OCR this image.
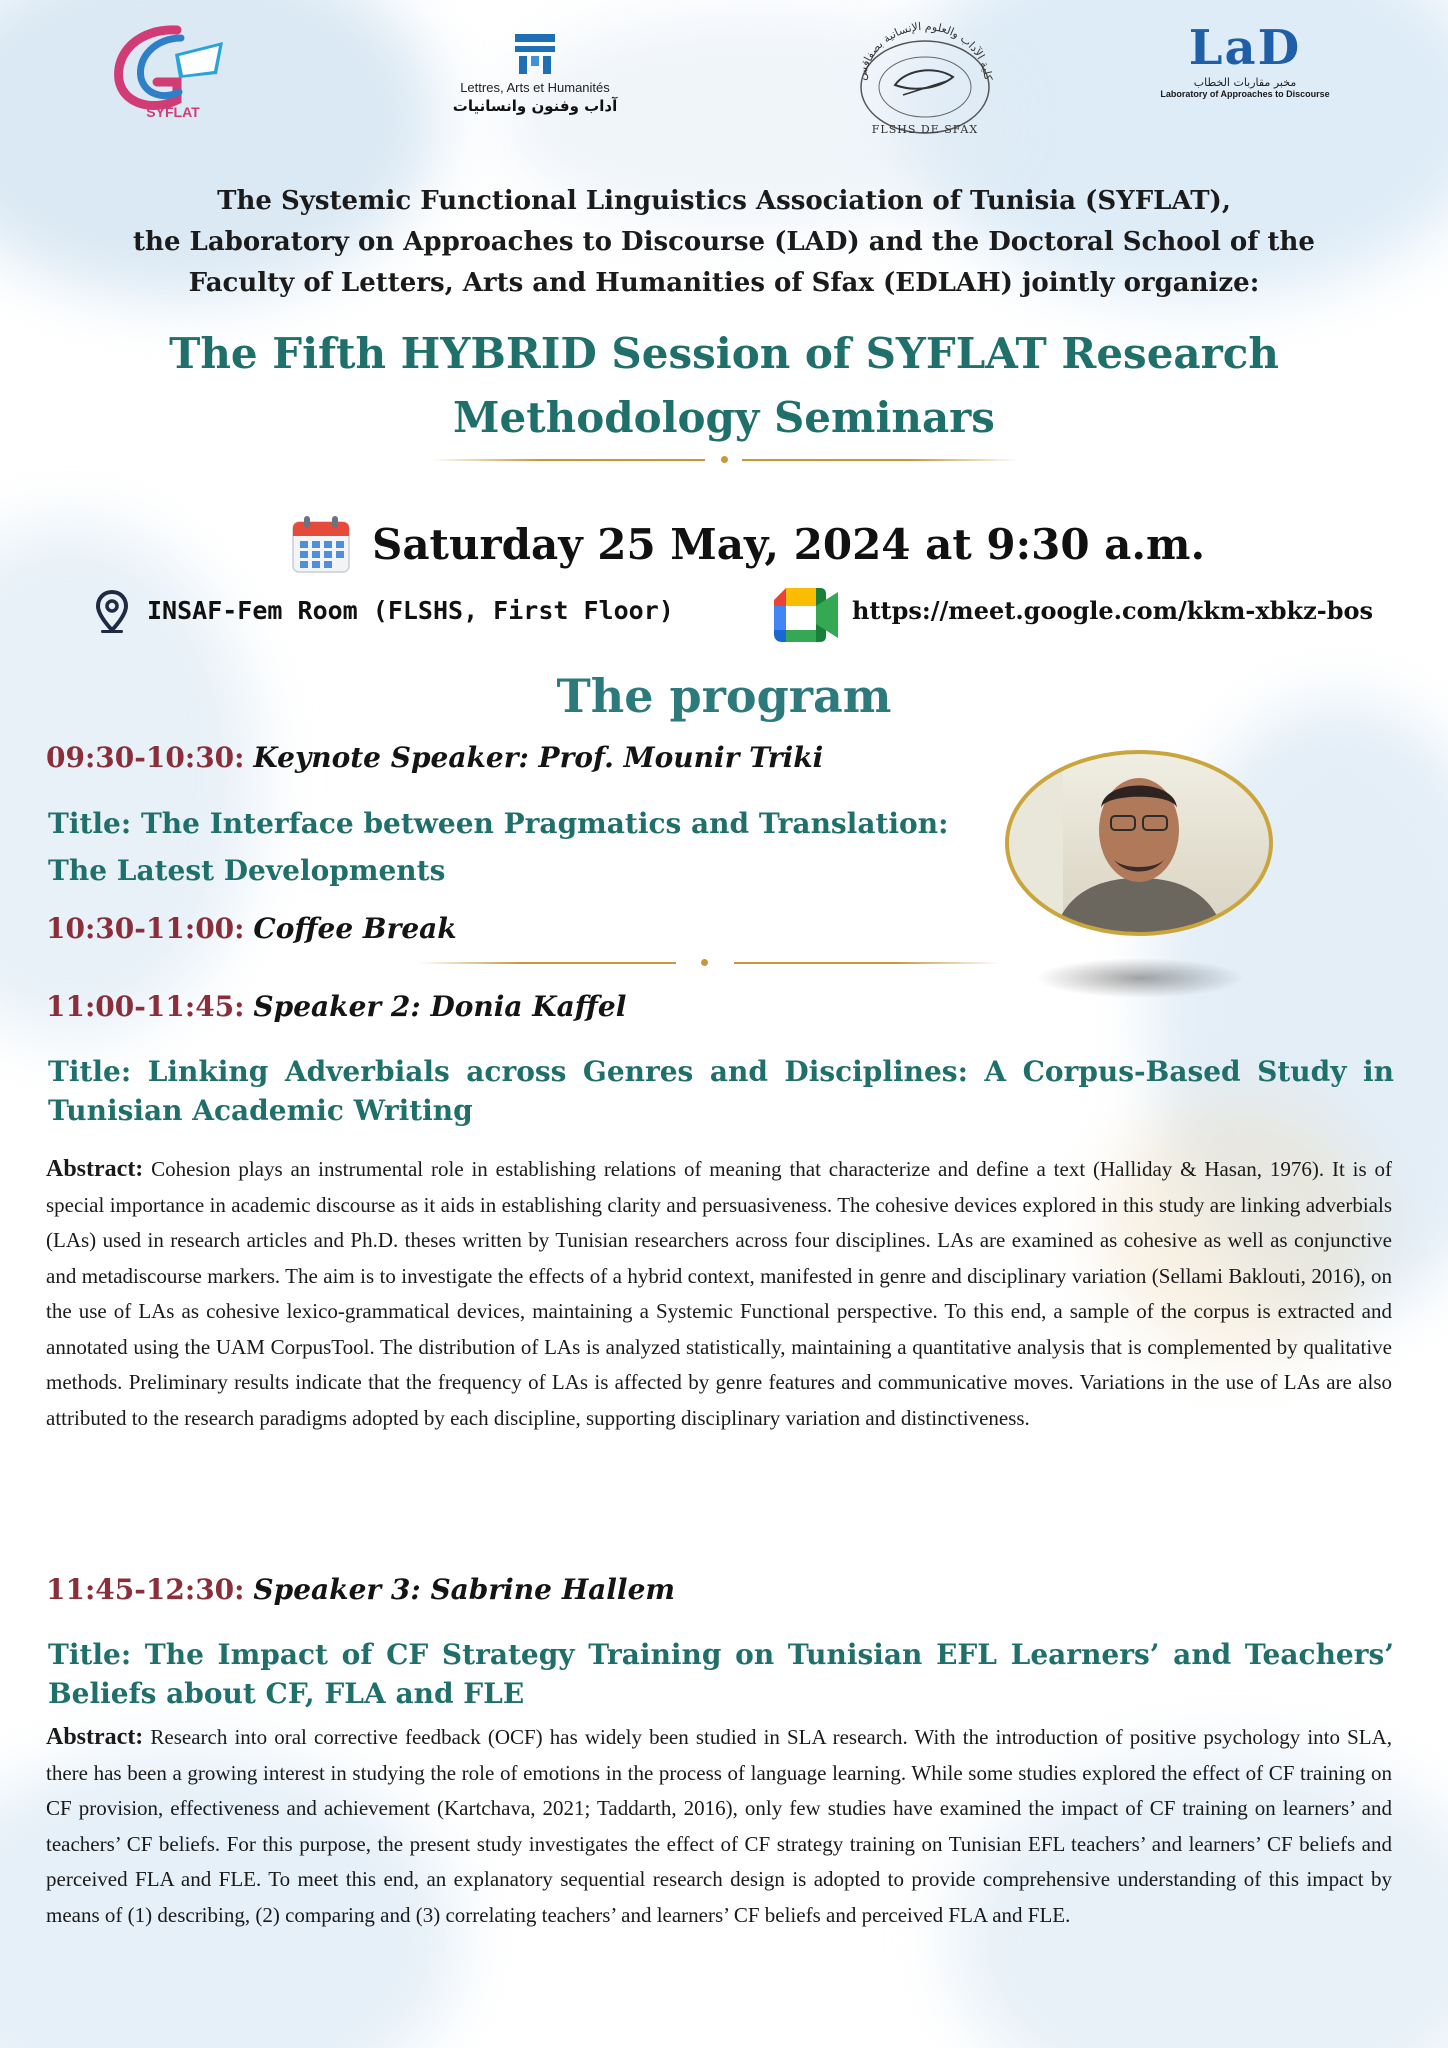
SYFLAT
Lettres, Arts et Humanités
آداب وفنون وانسانيات
كلية الآداب والعلوم الإنسانية بصفاقس
FLSHS DE SFAX
LaD
مخبر مقاربات الخطاب
Laboratory of Approaches to Discourse
The Systemic Functional Linguistics Association of Tunisia (SYFLAT),
the Laboratory on Approaches to Discourse (LAD) and the Doctoral School of the
Faculty of Letters, Arts and Humanities of Sfax (EDLAH) jointly organize:
The Fifth HYBRID Session of SYFLAT Research
Methodology Seminars
Saturday 25 May, 2024 at 9:30 a.m.
INSAF-Fem Room (FLSHS, First Floor)	https://meet.google.com/kkm-xbkz-bos
The program
09:30-10:30: Keynote Speaker: Prof. Mounir Triki
Title: The Interface between Pragmatics and Translation:
The Latest Developments
10:30-11:00: Coffee Break
11:00-11:45: Speaker 2: Donia Kaffel
Title: Linking Adverbials across Genres and Disciplines: A Corpus-Based Study in
Tunisian Academic Writing
Abstract: Cohesion plays an instrumental role in establishing relations of meaning that characterize and define a text (Halliday & Hasan, 1976). It is of special importance in academic discourse as it aids in establishing clarity and persuasiveness. The cohesive devices explored in this study are linking adverbials (LAs) used in research articles and Ph.D. theses written by Tunisian researchers across four disciplines. LAs are examined as cohesive as well as conjunctive and metadiscourse markers. The aim is to investigate the effects of a hybrid context, manifested in genre and disciplinary variation (Sellami Baklouti, 2016), on the use of LAs as cohesive lexico-grammatical devices, maintaining a Systemic Functional perspective. To this end, a sample of the corpus is extracted and annotated using the UAM CorpusTool. The distribution of LAs is analyzed statistically, maintaining a quantitative analysis that is complemented by qualitative methods. Preliminary results indicate that the frequency of LAs is affected by genre features and communicative moves. Variations in the use of LAs are also attributed to the research paradigms adopted by each discipline, supporting disciplinary variation and distinctiveness.
11:45-12:30: Speaker 3: Sabrine Hallem
Title: The Impact of CF Strategy Training on Tunisian EFL Learners’ and Teachers’
Beliefs about CF, FLA and FLE
Abstract: Research into oral corrective feedback (OCF) has widely been studied in SLA research. With the introduction of positive psychology into SLA, there has been a growing interest in studying the role of emotions in the process of language learning. While some studies explored the effect of CF training on CF provision, effectiveness and achievement (Kartchava, 2021; Taddarth, 2016), only few studies have examined the impact of CF training on learners’ and teachers’ CF beliefs. For this purpose, the present study investigates the effect of CF strategy training on Tunisian EFL teachers’ and learners’ CF beliefs and perceived FLA and FLE. To meet this end, an explanatory sequential research design is adopted to provide comprehensive understanding of this impact by means of (1) describing, (2) comparing and (3) correlating teachers’ and learners’ CF beliefs and perceived FLA and FLE.
